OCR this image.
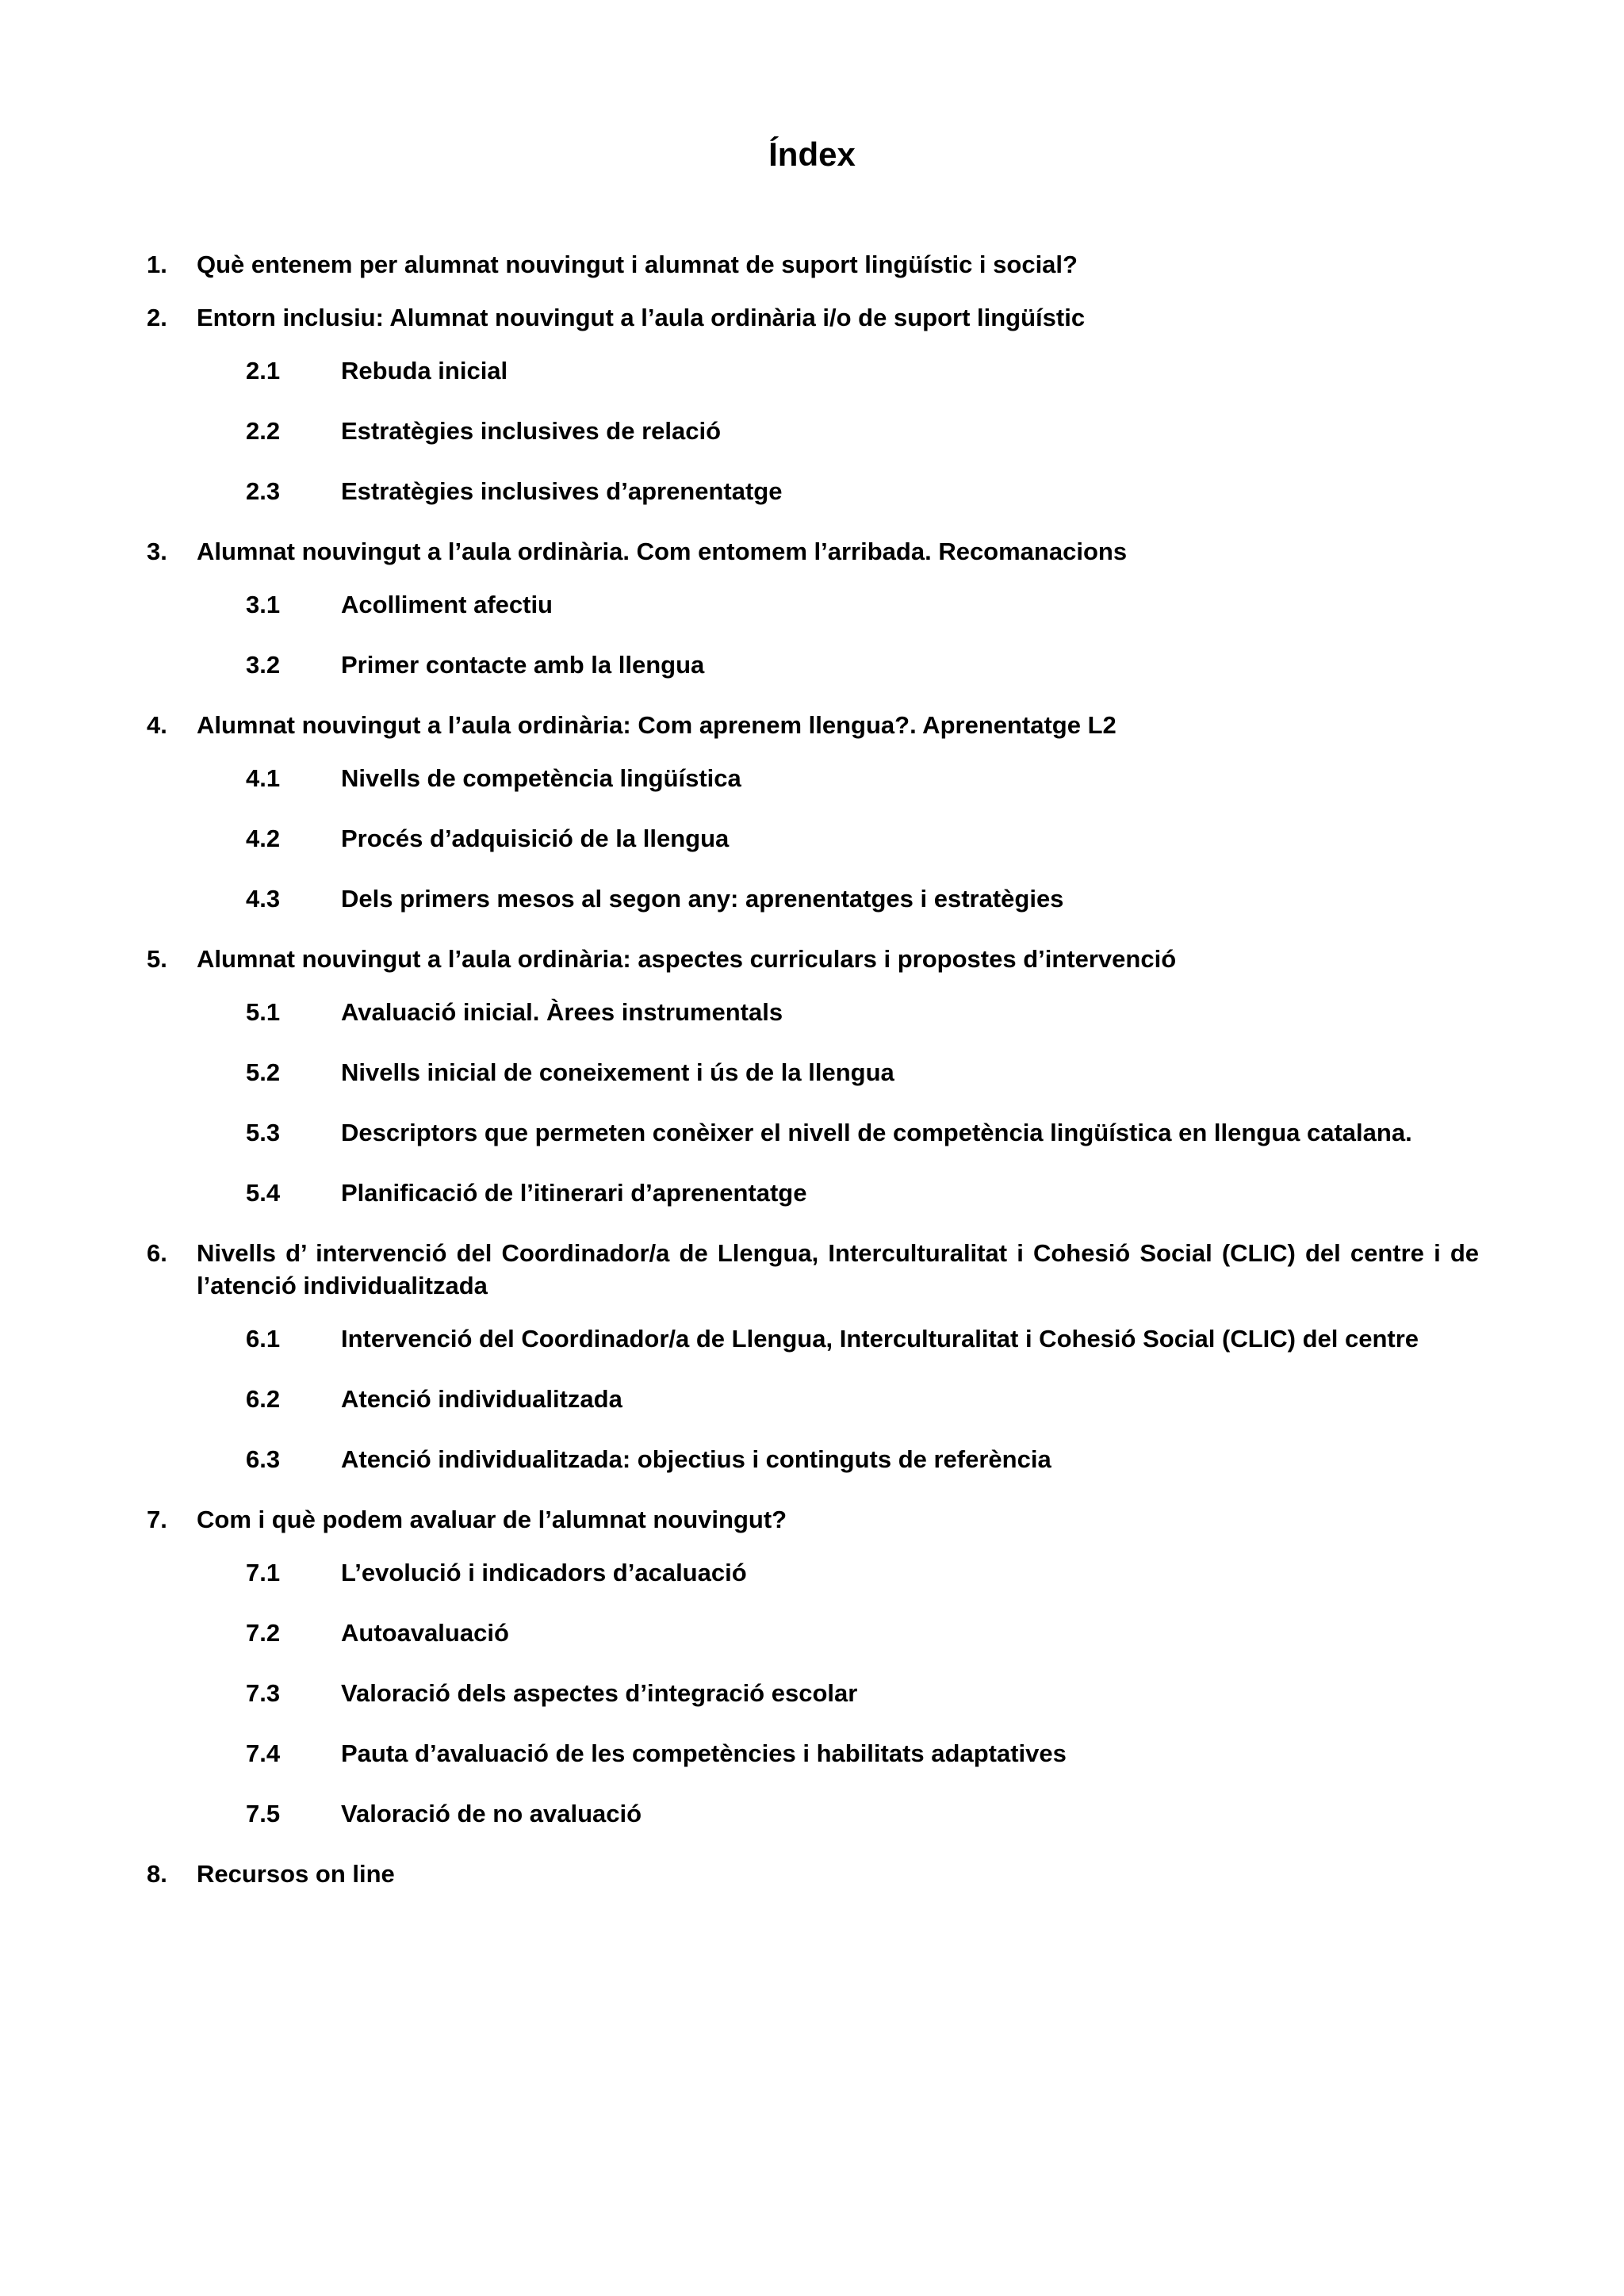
Índex
1. Què entenem per alumnat nouvingut i alumnat de suport lingüístic i social?
2. Entorn inclusiu: Alumnat nouvingut a l’aula ordinària i/o de suport lingüístic
2.1 Rebuda inicial
2.2 Estratègies inclusives de relació
2.3 Estratègies inclusives d’aprenentatge
3. Alumnat nouvingut a l’aula ordinària. Com entomem l’arribada. Recomanacions
3.1 Acolliment afectiu
3.2 Primer contacte amb la llengua
4. Alumnat nouvingut a l’aula ordinària: Com aprenem llengua?. Aprenentatge L2
4.1 Nivells de competència lingüística
4.2 Procés d’adquisició de la llengua
4.3 Dels primers mesos al segon any: aprenentatges i estratègies
5. Alumnat nouvingut a l’aula ordinària: aspectes curriculars i propostes d’intervenció
5.1 Avaluació inicial. Àrees instrumentals
5.2 Nivells inicial de coneixement i ús de la llengua
5.3 Descriptors que permeten conèixer el nivell de competència lingüística en llengua catalana.
5.4 Planificació de l’itinerari d’aprenentatge
6. Nivells d’ intervenció del Coordinador/a de Llengua, Interculturalitat i Cohesió Social (CLIC) del centre i de l’atenció individualitzada
6.1 Intervenció del Coordinador/a de Llengua, Interculturalitat i Cohesió Social (CLIC) del centre
6.2 Atenció individualitzada
6.3 Atenció individualitzada: objectius i continguts de referència
7. Com i què podem avaluar de l’alumnat nouvingut?
7.1 L’evolució i indicadors d’acaluació
7.2 Autoavaluació
7.3 Valoració dels aspectes d’integració escolar
7.4 Pauta d’avaluació de les competències i habilitats adaptatives
7.5 Valoració de no avaluació
8. Recursos on line
